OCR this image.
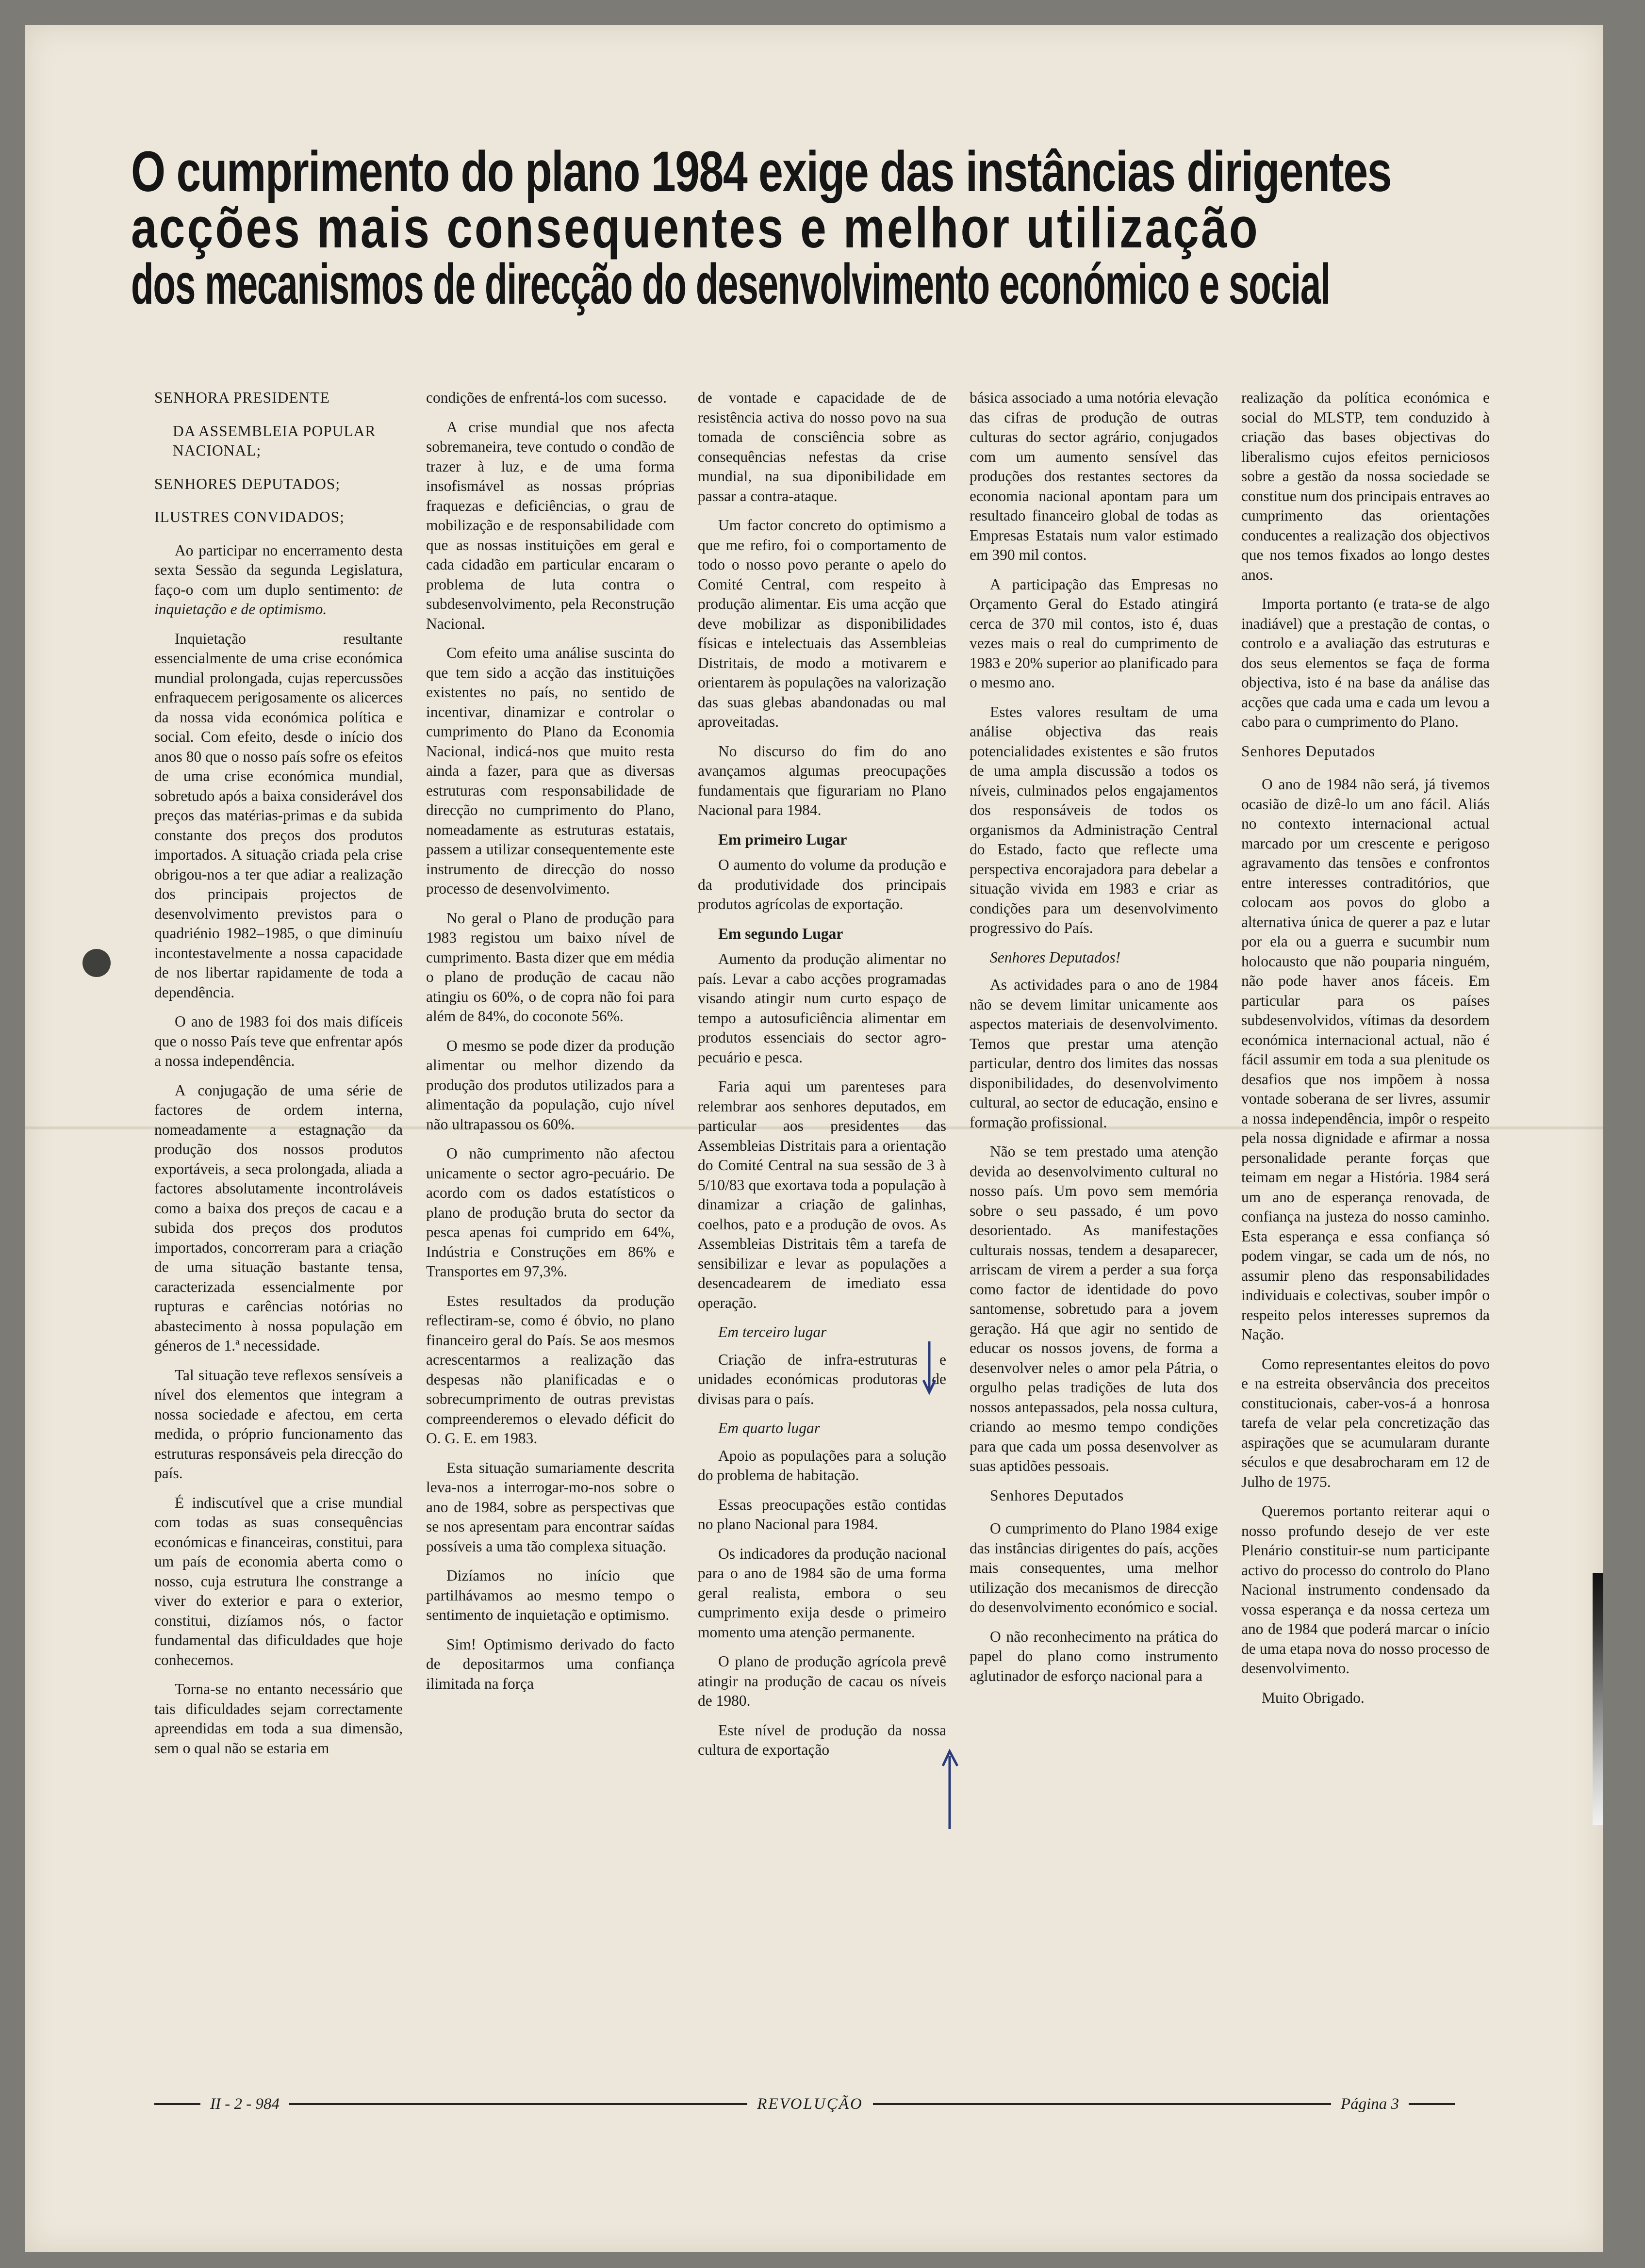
O cumprimento do plano 1984 exige das instâncias dirigentes
acções mais consequentes e melhor utilização
dos mecanismos de direcção do desenvolvimento económico e social
SENHORA PRESIDENTE
DA ASSEMBLEIA POPULAR NACIONAL;
SENHORES DEPUTADOS;
ILUSTRES CONVIDADOS;

Ao participar no encerramento desta sexta Sessão da segunda Legislatura, faço-o com um duplo sentimento: de inquietação e de optimismo.

Inquietação resultante essencialmente de uma crise económica mundial prolongada, cujas repercussões enfraquecem perigosamente os alicerces da nossa vida económica política e social. Com efeito, desde o início dos anos 80 que o nosso país sofre os efeitos de uma crise económica mundial, sobretudo após a baixa considerável dos preços das matérias-primas e da subida constante dos preços dos produtos importados. A situação criada pela crise obrigou-nos a ter que adiar a realização dos principais projectos de desenvolvimento previstos para o quadriénio 1982–1985, o que diminuíu incontestavelmente a nossa capacidade de nos libertar rapidamente de toda a dependência.

O ano de 1983 foi dos mais difíceis que o nosso País teve que enfrentar após a nossa independência.

A conjugação de uma série de factores de ordem interna, nomeadamente a estagnação da produção dos nossos produtos exportáveis, a seca prolongada, aliada a factores absolutamente incontroláveis como a baixa dos preços de cacau e a subida dos preços dos produtos importados, concorreram para a criação de uma situação bastante tensa, caracterizada essencialmente por rupturas e carências notórias no abastecimento à nossa população em géneros de 1.ª necessidade.

Tal situação teve reflexos sensíveis a nível dos elementos que integram a nossa sociedade e afectou, em certa medida, o próprio funcionamento das estruturas responsáveis pela direcção do país.

É indiscutível que a crise mundial com todas as suas consequências económicas e financeiras, constitui, para um país de economia aberta como o nosso, cuja estrutura lhe constrange a viver do exterior e para o exterior, constitui, dizíamos nós, o factor fundamental das dificuldades que hoje conhecemos.

Torna-se no entanto necessário que tais dificuldades sejam correctamente apreendidas em toda a sua dimensão, sem o qual não se estaria em

condições de enfrentá-los com sucesso.

A crise mundial que nos afecta sobremaneira, teve contudo o condão de trazer à luz, e de uma forma insofismável as nossas próprias fraquezas e deficiências, o grau de mobilização e de responsabilidade com que as nossas instituições em geral e cada cidadão em particular encaram o problema de luta contra o subdesenvolvimento, pela Reconstrução Nacional.

Com efeito uma análise suscinta do que tem sido a acção das instituições existentes no país, no sentido de incentivar, dinamizar e controlar o cumprimento do Plano da Economia Nacional, indicá-nos que muito resta ainda a fazer, para que as diversas estruturas com responsabilidade de direcção no cumprimento do Plano, nomeadamente as estruturas estatais, passem a utilizar consequentemente este instrumento de direcção do nosso processo de desenvolvimento.

No geral o Plano de produção para 1983 registou um baixo nível de cumprimento. Basta dizer que em média o plano de produção de cacau não atingiu os 60%, o de copra não foi para além de 84%, do coconote 56%.

O mesmo se pode dizer da produção alimentar ou melhor dizendo da produção dos produtos utilizados para a alimentação da população, cujo nível não ultrapassou os 60%.

O não cumprimento não afectou unicamente o sector agro-pecuário. De acordo com os dados estatísticos o plano de produção bruta do sector da pesca apenas foi cumprido em 64%, Indústria e Construções em 86% e Transportes em 97,3%.

Estes resultados da produção reflectiram-se, como é óbvio, no plano financeiro geral do País. Se aos mesmos acrescentarmos a realização das despesas não planificadas e o sobrecumprimento de outras previstas compreenderemos o elevado déficit do O. G. E. em 1983.

Esta situação sumariamente descrita leva-nos a interrogar-mo-nos sobre o ano de 1984, sobre as perspectivas que se nos apresentam para encontrar saídas possíveis a uma tão complexa situação.

Dizíamos no início que partilhávamos ao mesmo tempo o sentimento de inquietação e optimismo.

Sim! Optimismo derivado do facto de depositarmos uma confiança ilimitada na força

de vontade e capacidade de de resistência activa do nosso povo na sua tomada de consciência sobre as consequências nefestas da crise mundial, na sua diponibilidade em passar a contra-ataque.

Um factor concreto do optimismo a que me refiro, foi o comportamento de todo o nosso povo perante o apelo do Comité Central, com respeito à produção alimentar. Eis uma acção que deve mobilizar as disponibilidades físicas e intelectuais das Assembleias Distritais, de modo a motivarem e orientarem às populações na valorização das suas glebas abandonadas ou mal aproveitadas.

No discurso do fim do ano avançamos algumas preocupações fundamentais que figurariam no Plano Nacional para 1984.

Em primeiro Lugar

O aumento do volume da produção e da produtividade dos principais produtos agrícolas de exportação.

Em segundo Lugar

Aumento da produção alimentar no país. Levar a cabo acções programadas visando atingir num curto espaço de tempo a autosuficiência alimentar em produtos essenciais do sector agro-pecuário e pesca.

Faria aqui um parenteses para relembrar aos senhores deputados, em particular aos presidentes das Assembleias Distritais para a orientação do Comité Central na sua sessão de 3 à 5/10/83 que exortava toda a população à dinamizar a criação de galinhas, coelhos, pato e a produção de ovos. As Assembleias Distritais têm a tarefa de sensibilizar e levar as populações a desencadearem de imediato essa operação.

Em terceiro lugar

Criação de infra-estruturas e unidades económicas produtoras de divisas para o país.

Em quarto lugar

Apoio as populações para a solução do problema de habitação.

Essas preocupações estão contidas no plano Nacional para 1984.

Os indicadores da produção nacional para o ano de 1984 são de uma forma geral realista, embora o seu cumprimento exija desde o primeiro momento uma atenção permanente.

O plano de produção agrícola prevê atingir na produção de cacau os níveis de 1980.

Este nível de produção da nossa cultura de exportação

básica associado a uma notória elevação das cifras de produção de outras culturas do sector agrário, conjugados com um aumento sensível das produções dos restantes sectores da economia nacional apontam para um resultado financeiro global de todas as Empresas Estatais num valor estimado em 390 mil contos.

A participação das Empresas no Orçamento Geral do Estado atingirá cerca de 370 mil contos, isto é, duas vezes mais o real do cumprimento de 1983 e 20% superior ao planificado para o mesmo ano.

Estes valores resultam de uma análise objectiva das reais potencialidades existentes e são frutos de uma ampla discussão a todos os níveis, culminados pelos engajamentos dos responsáveis de todos os organismos da Administração Central do Estado, facto que reflecte uma perspectiva encorajadora para debelar a situação vivida em 1983 e criar as condições para um desenvolvimento progressivo do País.

Senhores Deputados!

As actividades para o ano de 1984 não se devem limitar unicamente aos aspectos materiais de desenvolvimento. Temos que prestar uma atenção particular, dentro dos limites das nossas disponibilidades, do desenvolvimento cultural, ao sector de educação, ensino e formação profissional.

Não se tem prestado uma atenção devida ao desenvolvimento cultural no nosso país. Um povo sem memória sobre o seu passado, é um povo desorientado. As manifestações culturais nossas, tendem a desaparecer, arriscam de virem a perder a sua força como factor de identidade do povo santomense, sobretudo para a jovem geração. Há que agir no sentido de educar os nossos jovens, de forma a desenvolver neles o amor pela Pátria, o orgulho pelas tradições de luta dos nossos antepassados, pela nossa cultura, criando ao mesmo tempo condições para que cada um possa desenvolver as suas aptidões pessoais.

Senhores Deputados

O cumprimento do Plano 1984 exige das instâncias dirigentes do país, acções mais consequentes, uma melhor utilização dos mecanismos de direcção do desenvolvimento económico e social.

O não reconhecimento na prática do papel do plano como instrumento aglutinador de esforço nacional para a

realização da política económica e social do MLSTP, tem conduzido à criação das bases objectivas do liberalismo cujos efeitos perniciosos sobre a gestão da nossa sociedade se constitue num dos principais entraves ao cumprimento das orientações conducentes a realização dos objectivos que nos temos fixados ao longo destes anos.

Importa portanto (e trata-se de algo inadiável) que a prestação de contas, o controlo e a avaliação das estruturas e dos seus elementos se faça de forma objectiva, isto é na base da análise das acções que cada uma e cada um levou a cabo para o cumprimento do Plano.

Senhores Deputados

O ano de 1984 não será, já tivemos ocasião de dizê-lo um ano fácil. Aliás no contexto internacional actual marcado por um crescente e perigoso agravamento das tensões e confrontos entre interesses contraditórios, que colocam aos povos do globo a alternativa única de querer a paz e lutar por ela ou a guerra e sucumbir num holocausto que não pouparia ninguém, não pode haver anos fáceis. Em particular para os países subdesenvolvidos, vítimas da desordem económica internacional actual, não é fácil assumir em toda a sua plenitude os desafios que nos impõem à nossa vontade soberana de ser livres, assumir a nossa independência, impôr o respeito pela nossa dignidade e afirmar a nossa personalidade perante forças que teimam em negar a História. 1984 será um ano de esperança renovada, de confiança na justeza do nosso caminho. Esta esperança e essa confiança só podem vingar, se cada um de nós, no assumir pleno das responsabilidades individuais e colectivas, souber impôr o respeito pelos interesses supremos da Nação.

Como representantes eleitos do povo e na estreita observância dos preceitos constitucionais, caber-vos-á a honrosa tarefa de velar pela concretização das aspirações que se acumularam durante séculos e que desabrocharam em 12 de Julho de 1975.

Queremos portanto reiterar aqui o nosso profundo desejo de ver este Plenário constituir-se num participante activo do processo do controlo do Plano Nacional instrumento condensado da vossa esperança e da nossa certeza um ano de 1984 que poderá marcar o início de uma etapa nova do nosso processo de desenvolvimento.

Muito Obrigado.

II - 2 - 984	REVOLUÇÃO	Página 3
